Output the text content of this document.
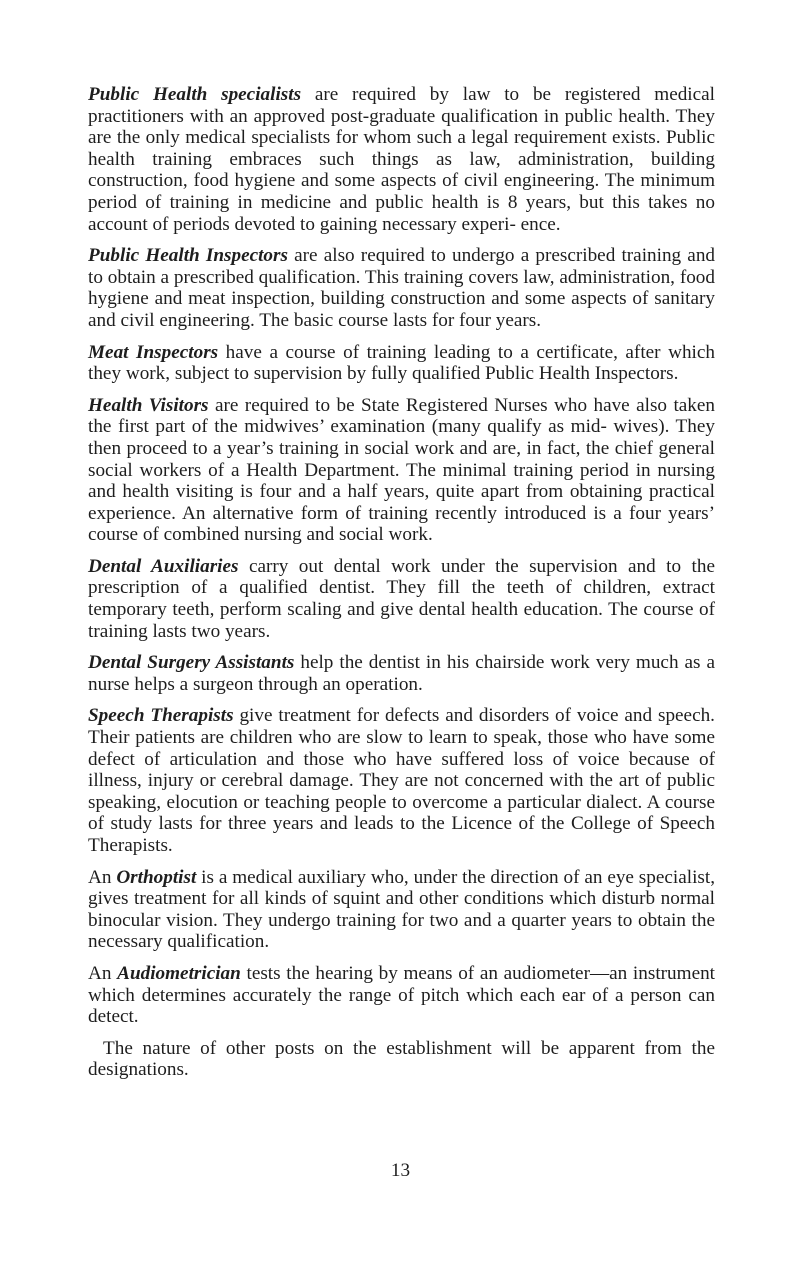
Public Health specialists are required by law to be registered medical practitioners with an approved post-graduate qualification in public health. They are the only medical specialists for whom such a legal requirement exists. Public health training embraces such things as law, administration, building construction, food hygiene and some aspects of civil engineering. The minimum period of training in medicine and public health is 8 years, but this takes no account of periods devoted to gaining necessary experi- ence.

Public Health Inspectors are also required to undergo a prescribed training and to obtain a prescribed qualification. This training covers law, administration, food hygiene and meat inspection, building construction and some aspects of sanitary and civil engineering. The basic course lasts for four years.

Meat Inspectors have a course of training leading to a certificate, after which they work, subject to supervision by fully qualified Public Health Inspectors.

Health Visitors are required to be State Registered Nurses who have also taken the first part of the midwives’ examination (many qualify as mid- wives). They then proceed to a year’s training in social work and are, in fact, the chief general social workers of a Health Department. The minimal training period in nursing and health visiting is four and a half years, quite apart from obtaining practical experience. An alternative form of training recently introduced is a four years’ course of combined nursing and social work.

Dental Auxiliaries carry out dental work under the supervision and to the prescription of a qualified dentist. They fill the teeth of children, extract temporary teeth, perform scaling and give dental health education. The course of training lasts two years.

Dental Surgery Assistants help the dentist in his chairside work very much as a nurse helps a surgeon through an operation.

Speech Therapists give treatment for defects and disorders of voice and speech. Their patients are children who are slow to learn to speak, those who have some defect of articulation and those who have suffered loss of voice because of illness, injury or cerebral damage. They are not concerned with the art of public speaking, elocution or teaching people to overcome a particular dialect. A course of study lasts for three years and leads to the Licence of the College of Speech Therapists.

An Orthoptist is a medical auxiliary who, under the direction of an eye specialist, gives treatment for all kinds of squint and other conditions which disturb normal binocular vision. They undergo training for two and a quarter years to obtain the necessary qualification.

An Audiometrician tests the hearing by means of an audiometer—an instrument which determines accurately the range of pitch which each ear of a person can detect.

The nature of other posts on the establishment will be apparent from the designations.

13
